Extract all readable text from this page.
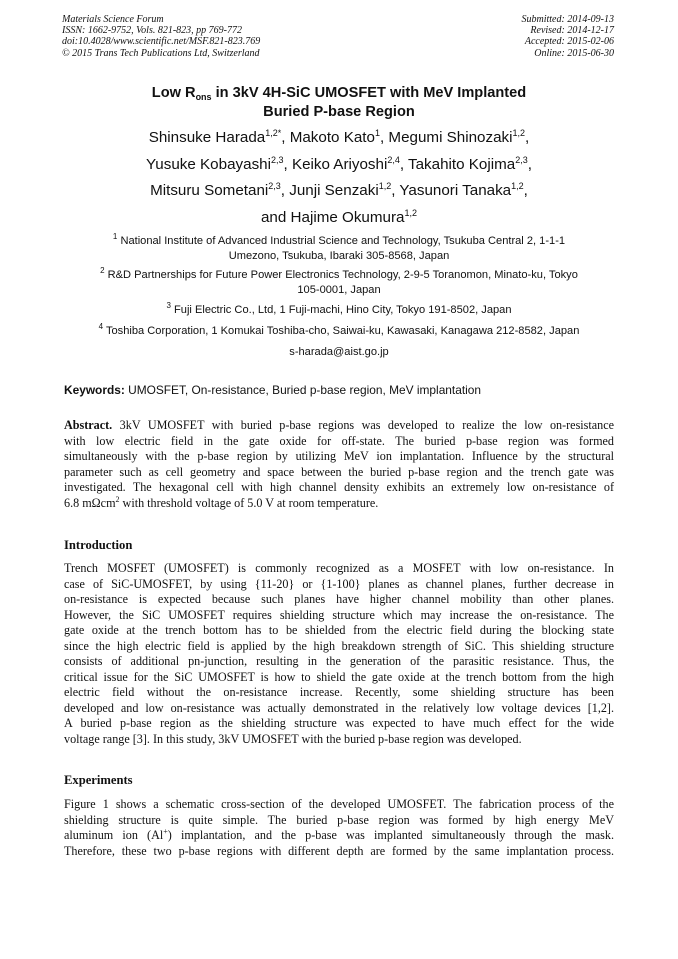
Materials Science Forum
ISSN: 1662-9752, Vols. 821-823, pp 769-772
doi:10.4028/www.scientific.net/MSF.821-823.769
© 2015 Trans Tech Publications Ltd, Switzerland
Submitted: 2014-09-13
Revised: 2014-12-17
Accepted: 2015-02-06
Online: 2015-06-30
Low $R_{ons}$ in 3kV 4H-SiC UMOSFET with MeV Implanted
Buried P-base Region
Shinsuke Harada$^{1,2*}$, Makoto Kato$^1$, Megumi Shinozaki$^{1,2}$,
Yusuke Kobayashi$^{2,3}$, Keiko Ariyoshi$^{2,4}$, Takahito Kojima$^{2,3}$,
Mitsuru Sometani$^{2,3}$, Junji Senzaki$^{1,2}$, Yasunori Tanaka$^{1,2}$,
and Hajime Okumura$^{1,2}$
$^1$ National Institute of Advanced Industrial Science and Technology, Tsukuba Central 2, 1-1-1
Umezono, Tsukuba, Ibaraki 305-8568, Japan
$^2$ R&D Partnerships for Future Power Electronics Technology, 2-9-5 Toranomon, Minato-ku, Tokyo
105-0001, Japan
$^3$ Fuji Electric Co., Ltd, 1 Fuji-machi, Hino City, Tokyo 191-8502, Japan
$^4$ Toshiba Corporation, 1 Komukai Toshiba-cho, Saiwai-ku, Kawasaki, Kanagawa 212-8582, Japan
s-harada@aist.go.jp
Keywords: UMOSFET, On-resistance, Buried p-base region, MeV implantation
Abstract. 3kV UMOSFET with buried p-base regions was developed to realize the low on-resistance
with low electric field in the gate oxide for off-state. The buried p-base region was formed
simultaneously with the p-base region by utilizing MeV ion implantation. Influence by the structural
parameter such as cell geometry and space between the buried p-base region and the trench gate was
investigated. The hexagonal cell with high channel density exhibits an extremely low on-resistance of
6.8 mΩcm$^2$ with threshold voltage of 5.0 V at room temperature.
Introduction
Trench MOSFET (UMOSFET) is commonly recognized as a MOSFET with low on-resistance. In
case of SiC-UMOSFET, by using {11-20} or {1-100} planes as channel planes, further decrease in
on-resistance is expected because such planes have higher channel mobility than other planes.
However, the SiC UMOSFET requires shielding structure which may increase the on-resistance. The
gate oxide at the trench bottom has to be shielded from the electric field during the blocking state
since the high electric field is applied by the high breakdown strength of SiC. This shielding structure
consists of additional pn-junction, resulting in the generation of the parasitic resistance. Thus, the
critical issue for the SiC UMOSFET is how to shield the gate oxide at the trench bottom from the high
electric field without the on-resistance increase. Recently, some shielding structure has been
developed and low on-resistance was actually demonstrated in the relatively low voltage devices [1,2].
A buried p-base region as the shielding structure was expected to have much effect for the wide
voltage range [3]. In this study, 3kV UMOSFET with the buried p-base region was developed.
Experiments
Figure 1 shows a schematic cross-section of the developed UMOSFET. The fabrication process of the
shielding structure is quite simple. The buried p-base region was formed by high energy MeV
aluminum ion (Al+) implantation, and the p-base was implanted simultaneously through the mask.
Therefore, these two p-base regions with different depth are formed by the same implantation process.
